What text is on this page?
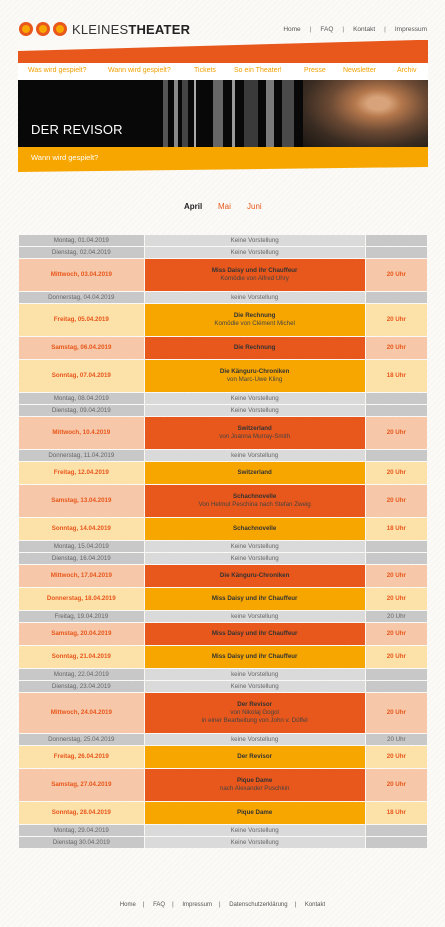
KLEINESTHEATER	Home | FAQ | Kontakt | Impressum
Was wird gespielt?	Wann wird gespielt?	Tickets	So ein Theater!	Presse Newsletter	Archiv
DER REVISOR
Wann wird gespielt?
April Mai Juni
Montag, 01.04.2019	Keine Vorstellung	
Dienstag, 02.04.2019	Keine Vorstellung	
Mittwoch, 03.04.2019	Miss Daisy und ihr Chauffeur
Komödie von Alfred Uhry	20 Uhr
Donnerstag, 04.04.2019	keine Vorstellung	
Freitag, 05.04.2019	Die Rechnung
Komödie von Clément Michel	20 Uhr
Samstag, 06.04.2019	Die Rechnung	20 Uhr
Sonntag, 07.04.2019	Die Känguru-Chroniken
von Marc-Uwe Kling	18 Uhr
Montag, 08.04.2019	Keine Vorstellung	
Dienstag, 09.04.2019	Keine Vorstellung	
Mittwoch, 10.4.2019	Switzerland
von Joanna Murray-Smith	20 Uhr
Donnerstag, 11.04.2019	keine Vorstellung	
Freitag, 12.04.2019	Switzerland	20 Uhr
Samstag, 13.04.2019	Schachnovelle
Von Helmut Peschina nach Stefan Zweig	20 Uhr
Sonntag, 14.04.2019	Schachnovelle	18 Uhr
Montag, 15.04.2019	Keine Vorstellung	
Dienstag, 16.04.2019	Keine Vorstellung	
Mittwoch, 17.04.2019	Die Känguru-Chroniken	20 Uhr
Donnerstag, 18.04.2019	Miss Daisy und ihr Chauffeur	20 Uhr
Freitag, 19.04.2019	keine Vorstellung	20 Uhr
Samstag, 20.04.2019	Miss Daisy und ihr Chauffeur	20 Uhr
Sonntag, 21.04.2019	Miss Daisy und ihr Chauffeur	20 Uhr
Montag, 22.04.2019	keine Vorstellung	
Dienstag, 23.04.2019	Keine Vorstellung	
Mittwoch, 24.04.2019	Der Revisor
von Nikolaj Gogol
in einer Bearbeitung von John v. Düffel	20 Uhr
Donnerstag, 25.04.2019	keine Vorstellung	20 Uhr
Freitag, 26.04.2019	Der Revisor	20 Uhr
Samstag, 27.04.2019	Pique Dame
nach Alexander Puschkin	20 Uhr
Sonntag, 28.04.2019	Pique Dame	18 Uhr
Montag, 29.04.2019	Keine Vorstellung	
Dienstag 30.04.2019	Keine Vorstellung	
Home | FAQ | Impressum | Datenschutzerklärung | Kontakt
